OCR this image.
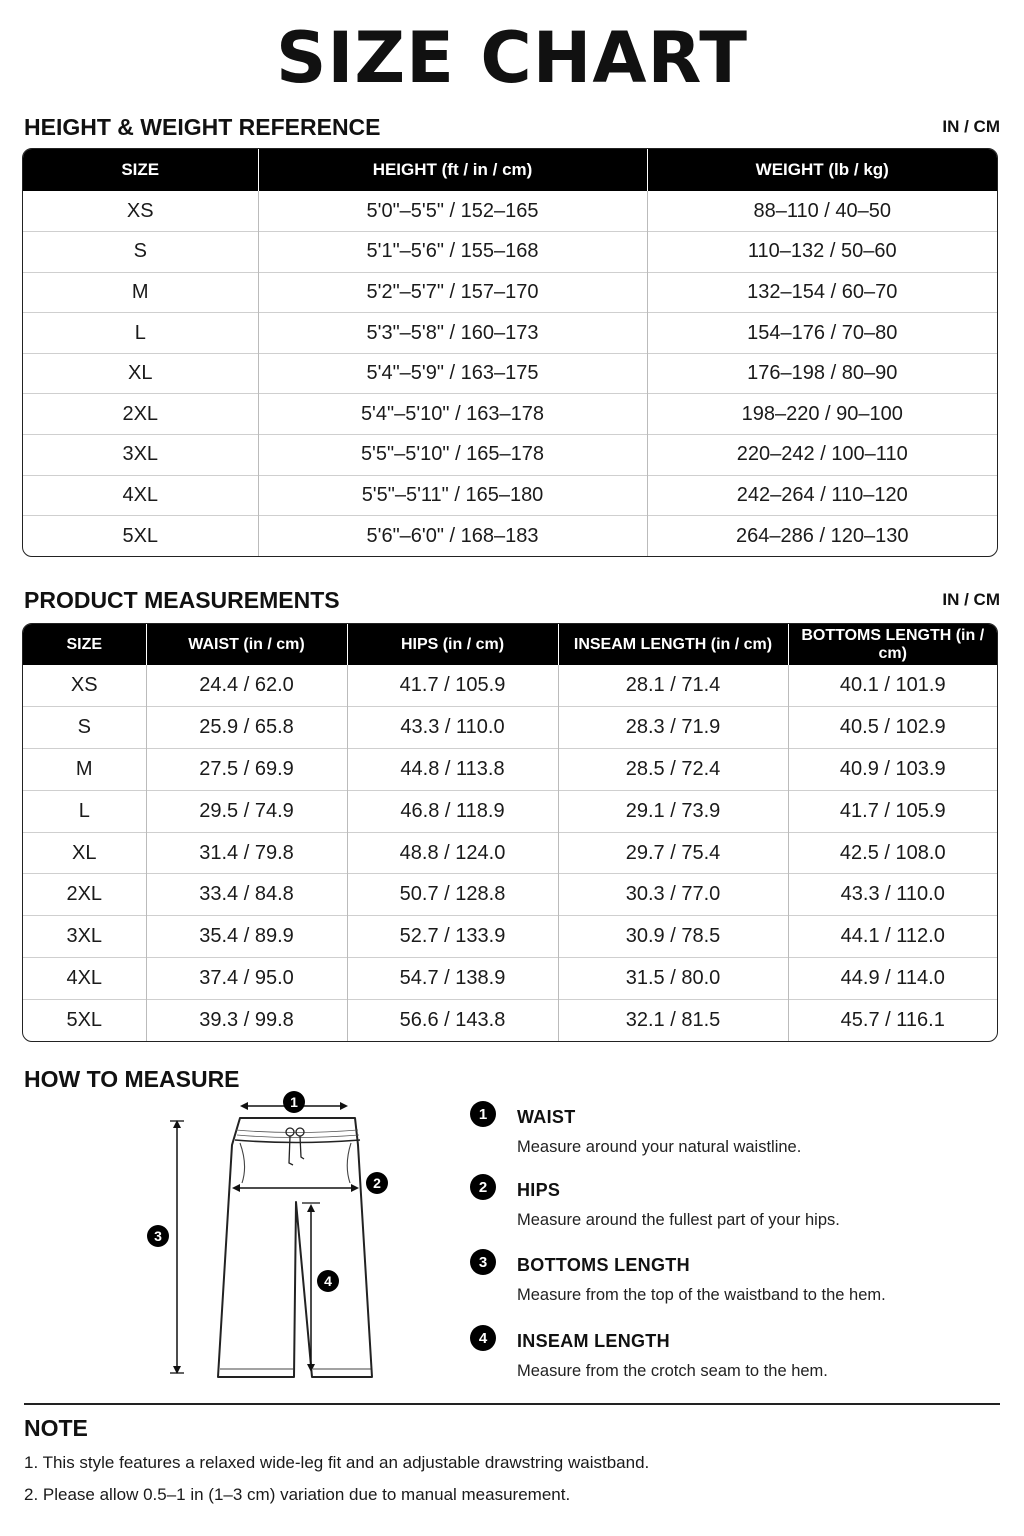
SIZE CHART
HEIGHT & WEIGHT REFERENCE	IN / CM
SIZE	HEIGHT (ft / in / cm)	WEIGHT (lb / kg)
XS	5'0"–5'5" / 152–165	88–110 / 40–50
S	5'1"–5'6" / 155–168	110–132 / 50–60
M	5'2"–5'7" / 157–170	132–154 / 60–70
L	5'3"–5'8" / 160–173	154–176 / 70–80
XL	5'4"–5'9" / 163–175	176–198 / 80–90
2XL	5'4"–5'10" / 163–178	198–220 / 90–100
3XL	5'5"–5'10" / 165–178	220–242 / 100–110
4XL	5'5"–5'11" / 165–180	242–264 / 110–120
5XL	5'6"–6'0" / 168–183	264–286 / 120–130
PRODUCT MEASUREMENTS	IN / CM
SIZE	WAIST (in / cm)	HIPS (in / cm)	INSEAM LENGTH (in / cm)	BOTTOMS LENGTH (in / cm)
XS	24.4 / 62.0	41.7 / 105.9	28.1 / 71.4	40.1 / 101.9
S	25.9 / 65.8	43.3 / 110.0	28.3 / 71.9	40.5 / 102.9
M	27.5 / 69.9	44.8 / 113.8	28.5 / 72.4	40.9 / 103.9
L	29.5 / 74.9	46.8 / 118.9	29.1 / 73.9	41.7 / 105.9
XL	31.4 / 79.8	48.8 / 124.0	29.7 / 75.4	42.5 / 108.0
2XL	33.4 / 84.8	50.7 / 128.8	30.3 / 77.0	43.3 / 110.0
3XL	35.4 / 89.9	52.7 / 133.9	30.9 / 78.5	44.1 / 112.0
4XL	37.4 / 95.0	54.7 / 138.9	31.5 / 80.0	44.9 / 114.0
5XL	39.3 / 99.8	56.6 / 143.8	32.1 / 81.5	45.7 / 116.1
HOW TO MEASURE
1
2
3
4
1	WAIST
Measure around your natural waistline.
2	HIPS
Measure around the fullest part of your hips.
3	BOTTOMS LENGTH
Measure from the top of the waistband to the hem.
4	INSEAM LENGTH
Measure from the crotch seam to the hem.
NOTE
1. This style features a relaxed wide-leg fit and an adjustable drawstring waistband.
2. Please allow 0.5–1 in (1–3 cm) variation due to manual measurement.
